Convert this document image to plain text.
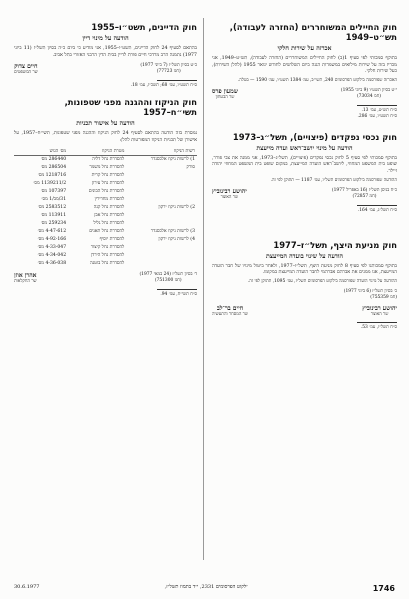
חוק החיילים המשוחררים (החזרה לעבודה), תש״ט–1949
אכרזה על שירות חלקי

בתוקף סמכותי לפי סעיף 1(ב) לחוק החיילים המשוחררים (החזרה לעבודה), תש״ט–1949, אני מכריז בזה על שירות מילואים במשמרות הגנה ביום השלושים לחודש ינואר 1955 (להלן השירות), כעל שירות חלקי.

האכרזה שפורסמה בילקוט הפרסומים 240, תשי״ב, עמ׳ 1384 תשט״ו, עמ׳ 1590 — בטלה.

י״ט בסיון תשט״ו (9 ביוני 1955)
(חמ 73034)
שמעון פרס
שר הבטחון
ס״ח תש״ט, עמ׳ 13.
ס״ח תשט״ו, עמ׳ 286.
חוק נכסי נפקדים (פיצויים), תשל״ג–1973
הודעה על מינוי יושב־ראש ועדה מייעצת

בתוקף סמכותי לפי סעיף 5 לחוק נכסי נפקדים (פיצויים), תשל״ג–1973, אני ממנה את צבי פורר, שופט בית המשפט המחוזי, ליושב־ראש הועדה המייעצת, במקום שופט בית המשפט המחוזי יהודה זיילר.

ההודעה שפורסמה בילקוט הפרסומים תשל״ו, עמ׳ 1187 — תתוקן לפי זה.

כ״ח בניסן תשל״ז (16 באפריל 1977)
(חמ 72857)
יהושע רבינוביץ
שר האוצר
ס״ח תשל״ג, עמ׳ 164.
חוק מניעת היצף, תשל״ז–1977
הודעה על שינוי בועדה המייעצת

בתוקף סמכותנו לפי סעיף 8 לחוק מניעת היצף, תשל״ז–1977, ולאחר ביטול מינויו של חבר הועדה המייעצת, אנו ממנים את אברהם אברהמי לחבר הועדה המייעצת במקומו.

ההודעה על מינוי הועדה שפורסמה בילקוט הפרסומים תשל״ז, עמ׳ 1095, תתוקן לפי זה.

כ׳ בסיון תשל״ז (6 ביוני 1977)
(חמ 755359)
יהושע רבינוביץ
שר האוצר
חיים בר־לב
שר המסחר והתעשיה
ס״ח תשל״ז, עמ׳ 53.
חוק הדיינים, תשט״ו–1955
הודעה על מינוי דיין

בהתאם לסעיף 24 לחוק הדיינים, תשט״ו–1955, אני מודיע כי ביום כ״ה בסיון תשל״ז (11 ביוני 1977) נתמנה הרב מרדכי חיים פורת לדיין בבית הדין הרבני האזורי בתל אביב.

כ״ט בסיון תשל״ז (7 ביוני 1977)
(חמ 77723)
חיים צדוק
שר המשפטים
ס״ח תשט״ו, עמ׳ 68; תשכ״ז, עמ׳ 18.
חוק הניקוז וההגנה מפני שטפונות, תשי״ח–1957
הודעה על אישור תכניות

נמסרת בזה הודעה בהתאם לסעיף 24 לחוק הניקוז וההגנה מפני שטפונות, תשי״ח–1957, על אישורן של תכניות הניקוז המפורטות להלן:

רשות הניקוז	מטרת הניקוז	מס׳ הגוש
1) לרשות ניקוז אלכסנדר	להסדרת נחל דליה	286440 מס׳
סורק	להסדרת נחל משמר	286504 מס׳
	להסדרת נחל קרית	1218716 מס׳
	להסדרת נחל עירון	1139211/2 מס׳
	להסדרת נחל הבונים	107397 מס׳
	להסדרת מחדירין	31/מב/1 מס׳
2) לרשות ניקוז ירקון	להסדרת נחל קנה	2583512 מס׳
	להסדרת נחל אבן	113911 מס׳
	להסדרת נחל גליל	259234 מס׳
3) לרשות ניקוז אלכסנדר	להסדרת נחל תאנים	4-47-612 מס׳
4) לרשות ניקוז ירקון	להסדרת יוסיף	4-92-166 מס׳
	להסדרת נחל קיצור	4-33-047 מס׳
	להסדרת נחל הירדן	4-34-042 מס׳
	להסדרת נחל בוטנה	4-36-038 מס׳
ד׳ בסיון תשל״ז (24 במאי 1977)
(חמ 751300)
אהרן אוזן
שר החקלאות
ס״ח תשי״ח, עמ׳ 94.
1746
ילקוט הפרסומים 2331, י״ד בתמוז תשל״ז,
30.6.1977
